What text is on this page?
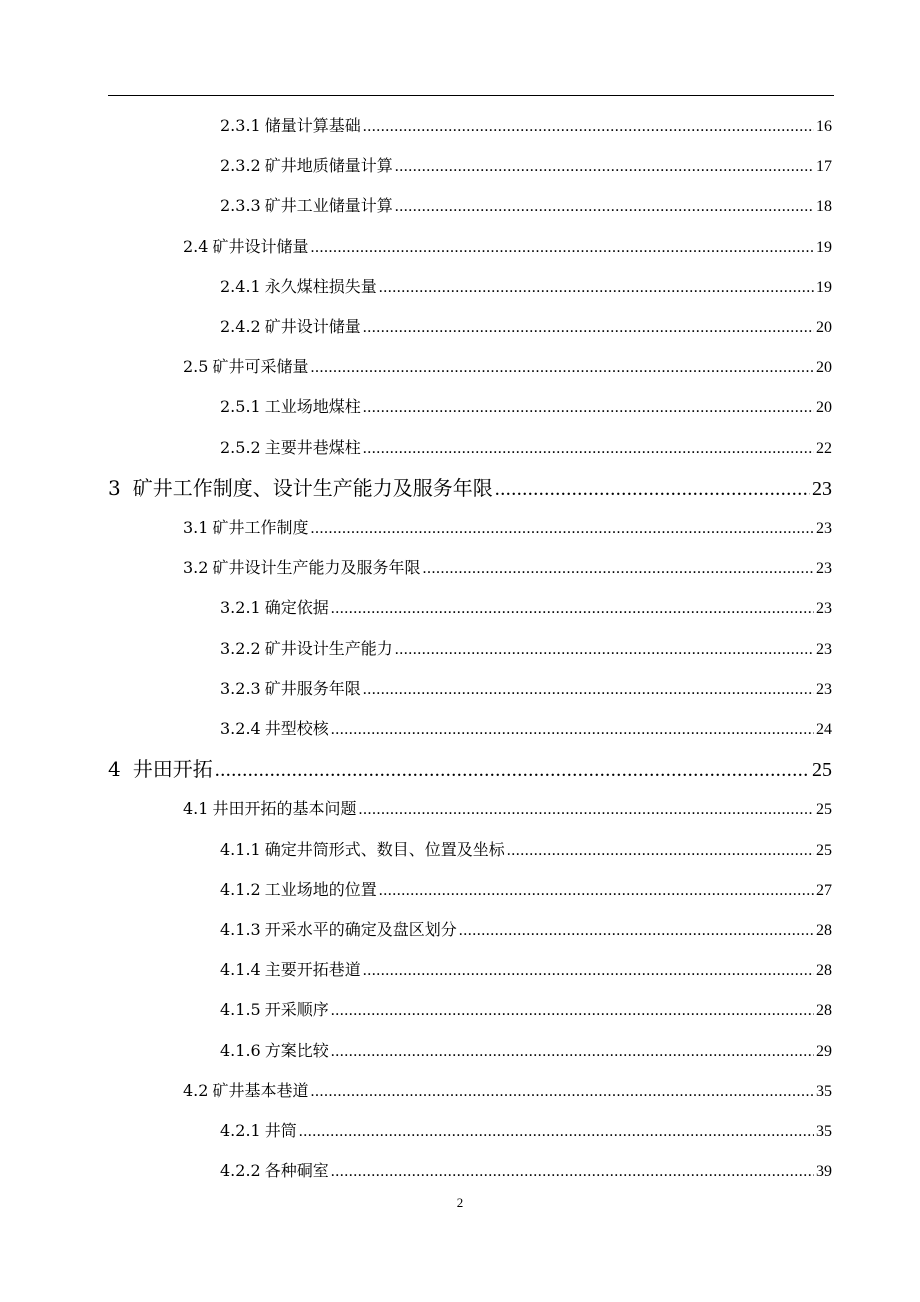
2.3.1 储量计算基础 .....	16
2.3.2 矿井地质储量计算 .....	17
2.3.3 矿井工业储量计算 .....	18
2.4 矿井设计储量 .....	19
2.4.1 永久煤柱损失量 .....	19
2.4.2 矿井设计储量 .....	20
2.5 矿井可采储量 .....	20
2.5.1 工业场地煤柱 .....	20
2.5.2 主要井巷煤柱 .....	22
3 矿井工作制度、设计生产能力及服务年限 .....	23
3.1 矿井工作制度 .....	23
3.2 矿井设计生产能力及服务年限 .....	23
3.2.1 确定依据 .....	23
3.2.2 矿井设计生产能力 .....	23
3.2.3 矿井服务年限 .....	23
3.2.4 井型校核 .....	24
4 井田开拓 .....	25
4.1 井田开拓的基本问题 .....	25
4.1.1 确定井筒形式、数目、位置及坐标 .....	25
4.1.2 工业场地的位置 .....	27
4.1.3 开采水平的确定及盘区划分 .....	28
4.1.4 主要开拓巷道 .....	28
4.1.5 开采顺序 .....	28
4.1.6 方案比较 .....	29
4.2 矿井基本巷道 .....	35
4.2.1 井筒 .....	35
4.2.2 各种硐室 .....	39
2
